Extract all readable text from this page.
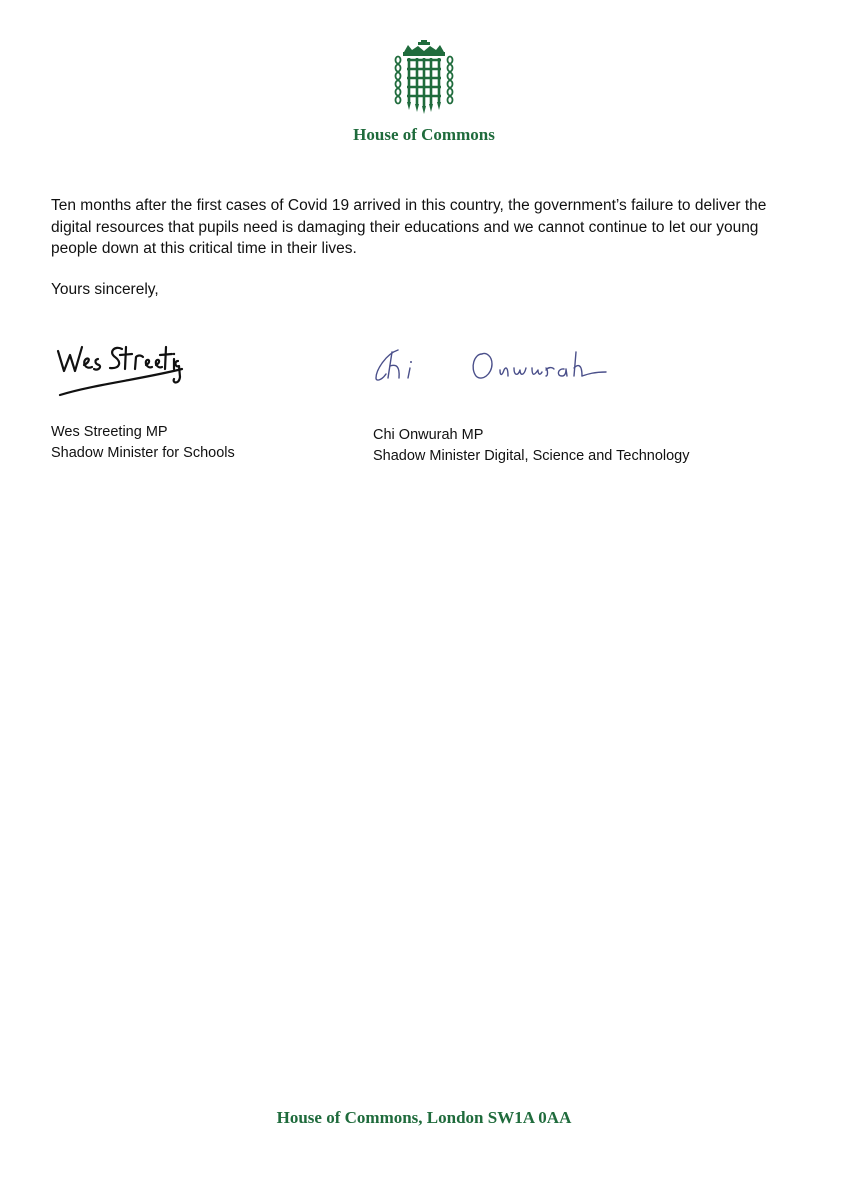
House of Commons
Ten months after the first cases of Covid 19 arrived in this country, the government’s failure to deliver the digital resources that pupils need is damaging their educations and we cannot continue to let our young people down at this critical time in their lives.
Yours sincerely,
Wes Streeting MP
Shadow Minister for Schools
Chi Onwurah MP
Shadow Minister Digital, Science and Technology
House of Commons, London SW1A 0AA
